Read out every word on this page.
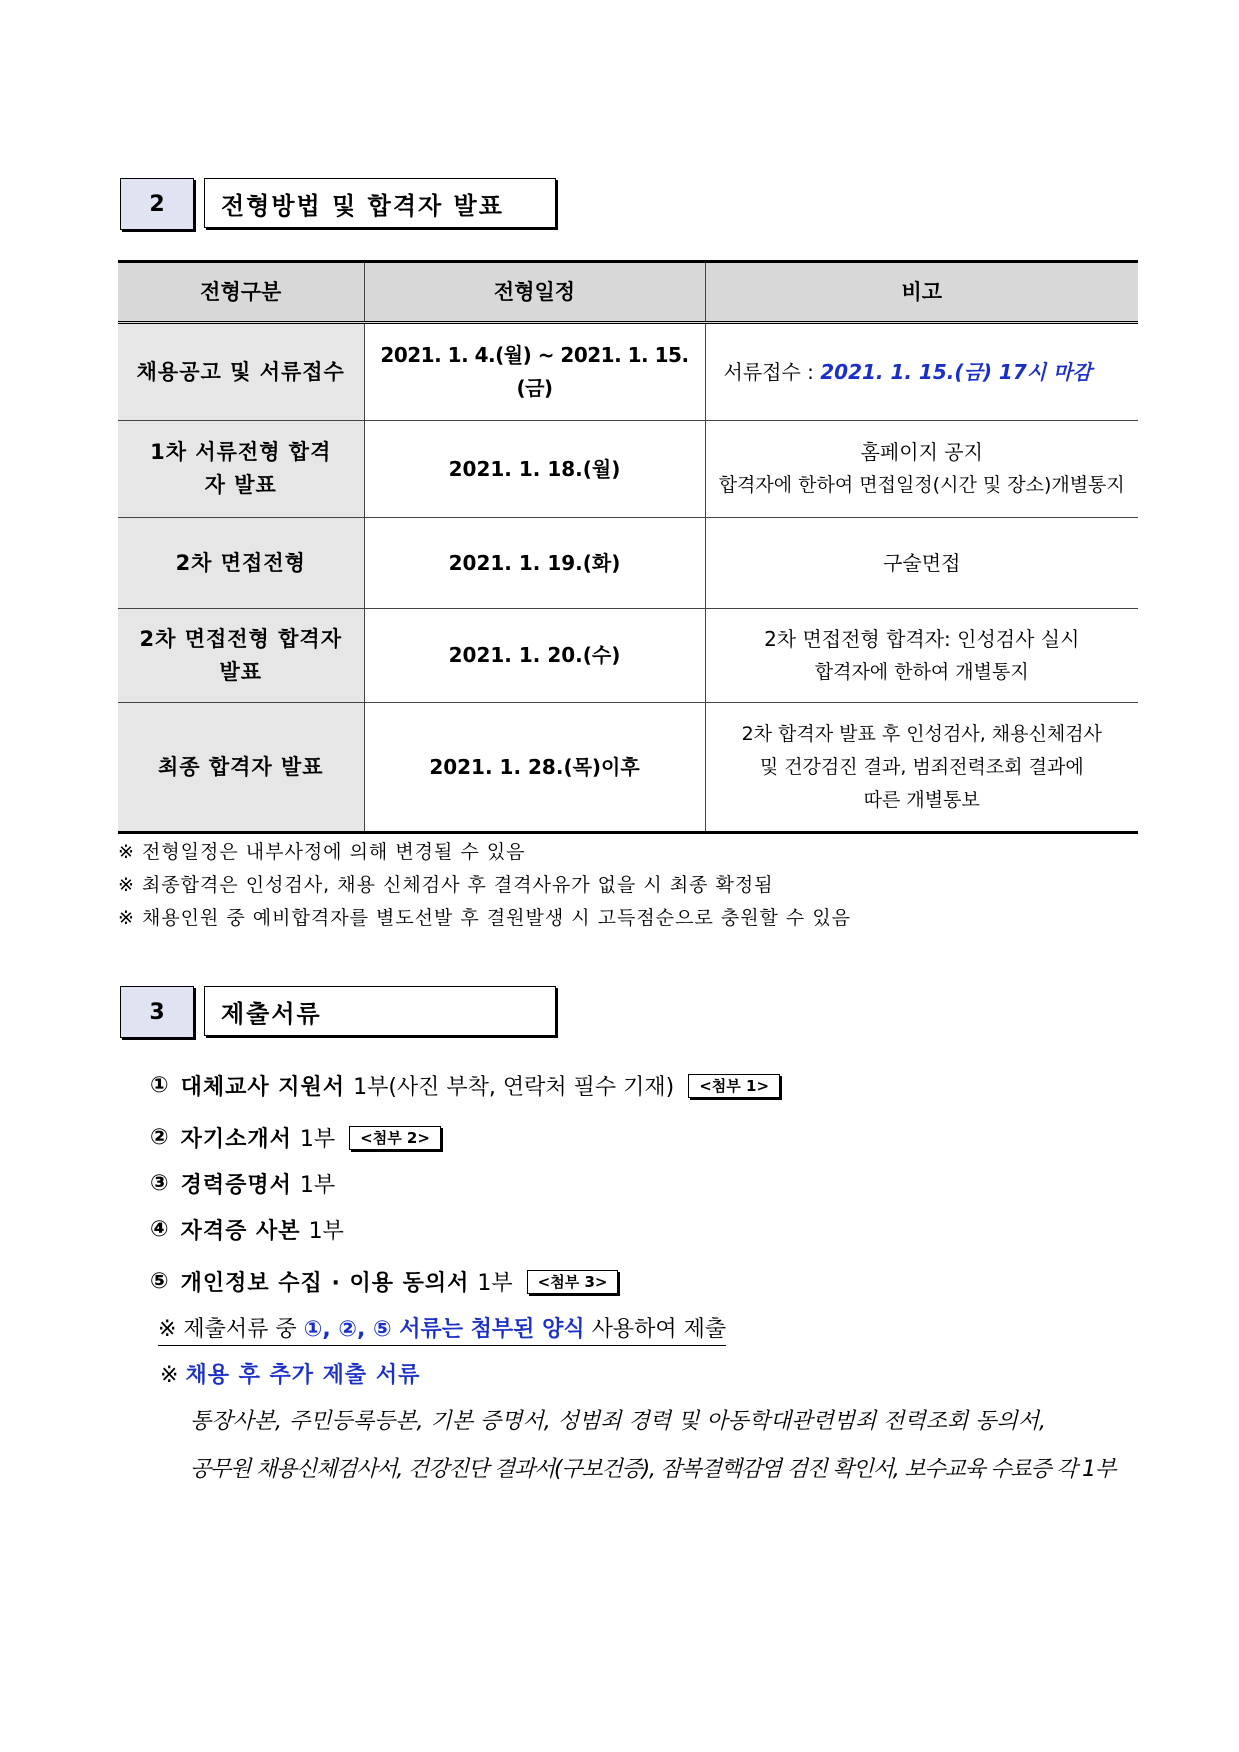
2	전형방법 및 합격자 발표
전형구분	전형일정	비고
채용공고 및 서류접수	2021. 1. 4.(월) ~ 2021. 1. 15.(금)	서류접수 : 2021. 1. 15.(금) 17시 마감
1차 서류전형 합격자 발표	2021. 1. 18.(월)	홈페이지 공지
합격자에 한하여 면접일정(시간 및 장소)개별통지

2차 면접전형	2021. 1. 19.(화)	구술면접

2차 면접전형 합격자 발표	2021. 1. 20.(수)	2차 면접전형 합격자: 인성검사 실시
합격자에 한하여 개별통지

최종 합격자 발표	2021. 1. 28.(목)이후	2차 합격자 발표 후 인성검사, 채용신체검사
및 건강검진 결과, 범죄전력조회 결과에
따른 개별통보
※ 전형일정은 내부사정에 의해 변경될 수 있음
※ 최종합격은 인성검사, 채용 신체검사 후 결격사유가 없을 시 최종 확정됨
※ 채용인원 중 예비합격자를 별도선발 후 결원발생 시 고득점순으로 충원할 수 있음
3	제출서류
① 대체교사 지원서 1부(사진 부착, 연락처 필수 기재)	<첨부 1>
② 자기소개서 1부	<첨부 2>
③ 경력증명서 1부
④ 자격증 사본 1부
⑤ 개인정보 수집 · 이용 동의서 1부	<첨부 3>
※ 제출서류 중 ①, ②, ⑤ 서류는 첨부된 양식 사용하여 제출
※ 채용 후 추가 제출 서류
통장사본, 주민등록등본, 기본 증명서, 성범죄 경력 및 아동학대관련범죄 전력조회 동의서,
공무원 채용신체검사서, 건강진단 결과서(구보건증), 잠복결핵감염 검진 확인서, 보수교육 수료증 각 1부
